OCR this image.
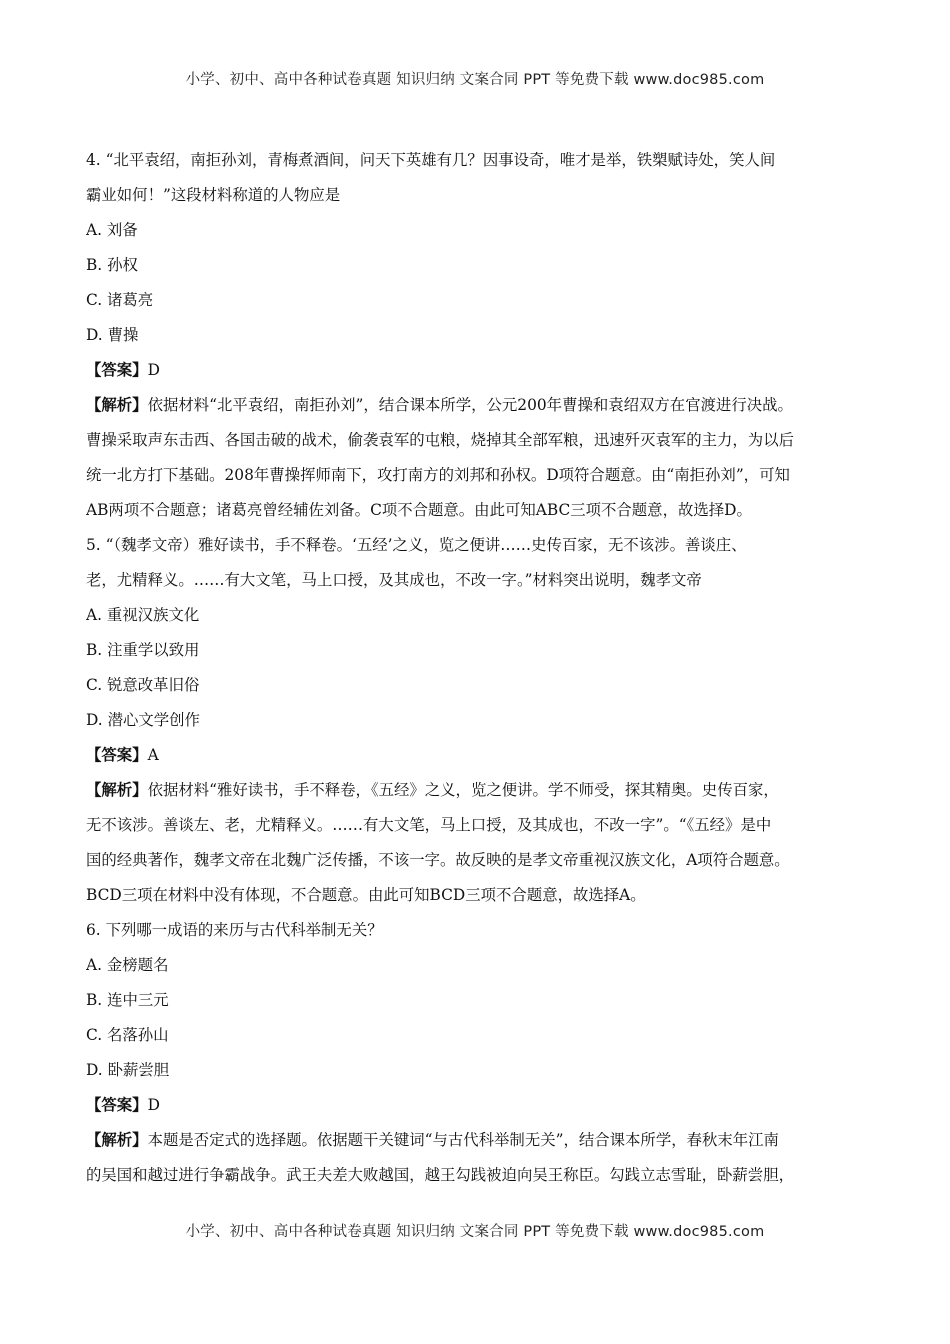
小学、初中、高中各种试卷真题 知识归纳 文案合同 PPT 等免费下载 www.doc985.com
4. “北平袁绍，南拒孙刘，青梅煮酒间，问天下英雄有几？因事设奇，唯才是举，铁槊赋诗处，笑人间
霸业如何！”这段材料称道的人物应是
A. 刘备
B. 孙权
C. 诸葛亮
D. 曹操
【答案】D
【解析】依据材料“北平袁绍，南拒孙刘”，结合课本所学，公元200年曹操和袁绍双方在官渡进行决战。
曹操采取声东击西、各国击破的战术，偷袭袁军的屯粮，烧掉其全部军粮，迅速歼灭袁军的主力，为以后
统一北方打下基础。208年曹操挥师南下，攻打南方的刘邦和孙权。D项符合题意。由“南拒孙刘”，可知
AB两项不合题意；诸葛亮曾经辅佐刘备。C项不合题意。由此可知ABC三项不合题意，故选择D。
5. “（魏孝文帝）雅好读书，手不释卷。‘五经’之义，览之便讲……史传百家，无不该涉。善谈庄、
老，尤精释义。……有大文笔，马上口授，及其成也，不改一字。”材料突出说明，魏孝文帝
A. 重视汉族文化
B. 注重学以致用
C. 锐意改革旧俗
D. 潜心文学创作
【答案】A
【解析】依据材料“雅好读书，手不释卷，《五经》之义，览之便讲。学不师受，探其精奥。史传百家，
无不该涉。善谈左、老，尤精释义。……有大文笔，马上口授，及其成也，不改一字”。“《五经》是中
国的经典著作，魏孝文帝在北魏广泛传播，不该一字。故反映的是孝文帝重视汉族文化，A项符合题意。
BCD三项在材料中没有体现，不合题意。由此可知BCD三项不合题意，故选择A。
6. 下列哪一成语的来历与古代科举制无关？
A. 金榜题名
B. 连中三元
C. 名落孙山
D. 卧薪尝胆
【答案】D
【解析】本题是否定式的选择题。依据题干关键词“与古代科举制无关”，结合课本所学，春秋末年江南
的吴国和越过进行争霸战争。武王夫差大败越国，越王勾践被迫向吴王称臣。勾践立志雪耻，卧薪尝胆，
小学、初中、高中各种试卷真题 知识归纳 文案合同 PPT 等免费下载 www.doc985.com
